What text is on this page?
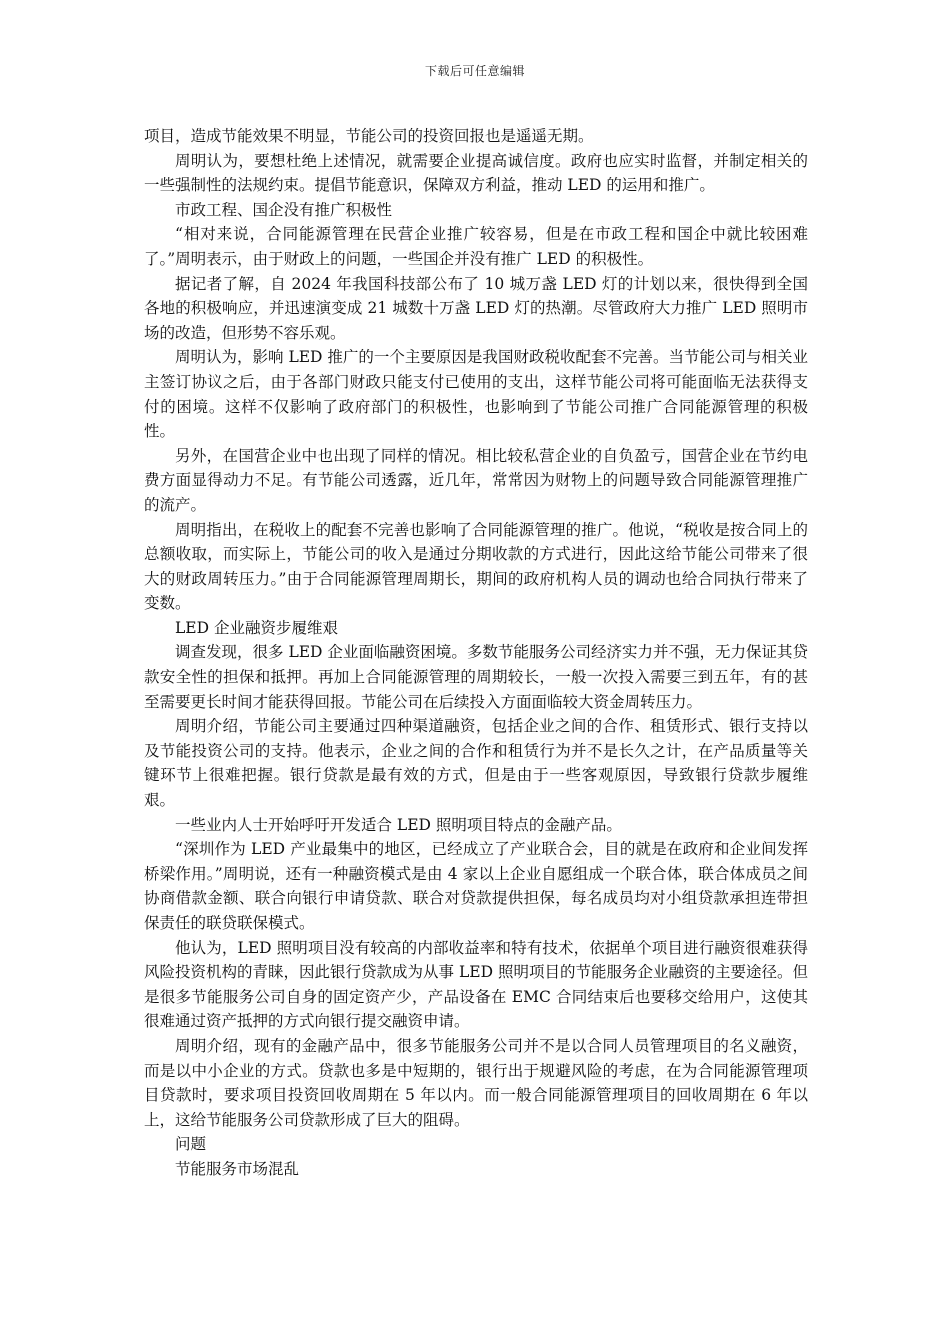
下载后可任意编辑

项目，造成节能效果不明显，节能公司的投资回报也是遥遥无期。

周明认为，要想杜绝上述情况，就需要企业提高诚信度。政府也应实时监督，并制定相关的一些强制性的法规约束。提倡节能意识，保障双方利益，推动 LED 的运用和推广。

市政工程、国企没有推广积极性

“相对来说，合同能源管理在民营企业推广较容易，但是在市政工程和国企中就比较困难了。”周明表示，由于财政上的问题，一些国企并没有推广 LED 的积极性。

据记者了解，自 2024 年我国科技部公布了 10 城万盏 LED 灯的计划以来，很快得到全国各地的积极响应，并迅速演变成 21 城数十万盏 LED 灯的热潮。尽管政府大力推广 LED 照明市场的改造，但形势不容乐观。

周明认为，影响 LED 推广的一个主要原因是我国财政税收配套不完善。当节能公司与相关业主签订协议之后，由于各部门财政只能支付已使用的支出，这样节能公司将可能面临无法获得支付的困境。这样不仅影响了政府部门的积极性，也影响到了节能公司推广合同能源管理的积极性。

另外，在国营企业中也出现了同样的情况。相比较私营企业的自负盈亏，国营企业在节约电费方面显得动力不足。有节能公司透露，近几年，常常因为财物上的问题导致合同能源管理推广的流产。

周明指出，在税收上的配套不完善也影响了合同能源管理的推广。他说，“税收是按合同上的总额收取，而实际上，节能公司的收入是通过分期收款的方式进行，因此这给节能公司带来了很大的财政周转压力。”由于合同能源管理周期长，期间的政府机构人员的调动也给合同执行带来了变数。

LED 企业融资步履维艰

调查发现，很多 LED 企业面临融资困境。多数节能服务公司经济实力并不强，无力保证其贷款安全性的担保和抵押。再加上合同能源管理的周期较长，一般一次投入需要三到五年，有的甚至需要更长时间才能获得回报。节能公司在后续投入方面面临较大资金周转压力。

周明介绍，节能公司主要通过四种渠道融资，包括企业之间的合作、租赁形式、银行支持以及节能投资公司的支持。他表示，企业之间的合作和租赁行为并不是长久之计，在产品质量等关键环节上很难把握。银行贷款是最有效的方式，但是由于一些客观原因，导致银行贷款步履维艰。

一些业内人士开始呼吁开发适合 LED 照明项目特点的金融产品。

“深圳作为 LED 产业最集中的地区，已经成立了产业联合会，目的就是在政府和企业间发挥桥梁作用。”周明说，还有一种融资模式是由 4 家以上企业自愿组成一个联合体，联合体成员之间协商借款金额、联合向银行申请贷款、联合对贷款提供担保，每名成员均对小组贷款承担连带担保责任的联贷联保模式。

他认为，LED 照明项目没有较高的内部收益率和特有技术，依据单个项目进行融资很难获得风险投资机构的青睐，因此银行贷款成为从事 LED 照明项目的节能服务企业融资的主要途径。但是很多节能服务公司自身的固定资产少，产品设备在 EMC 合同结束后也要移交给用户，这使其很难通过资产抵押的方式向银行提交融资申请。

周明介绍，现有的金融产品中，很多节能服务公司并不是以合同人员管理项目的名义融资，而是以中小企业的方式。贷款也多是中短期的，银行出于规避风险的考虑，在为合同能源管理项目贷款时，要求项目投资回收周期在 5 年以内。而一般合同能源管理项目的回收周期在 6 年以上，这给节能服务公司贷款形成了巨大的阻碍。

问题

节能服务市场混乱
